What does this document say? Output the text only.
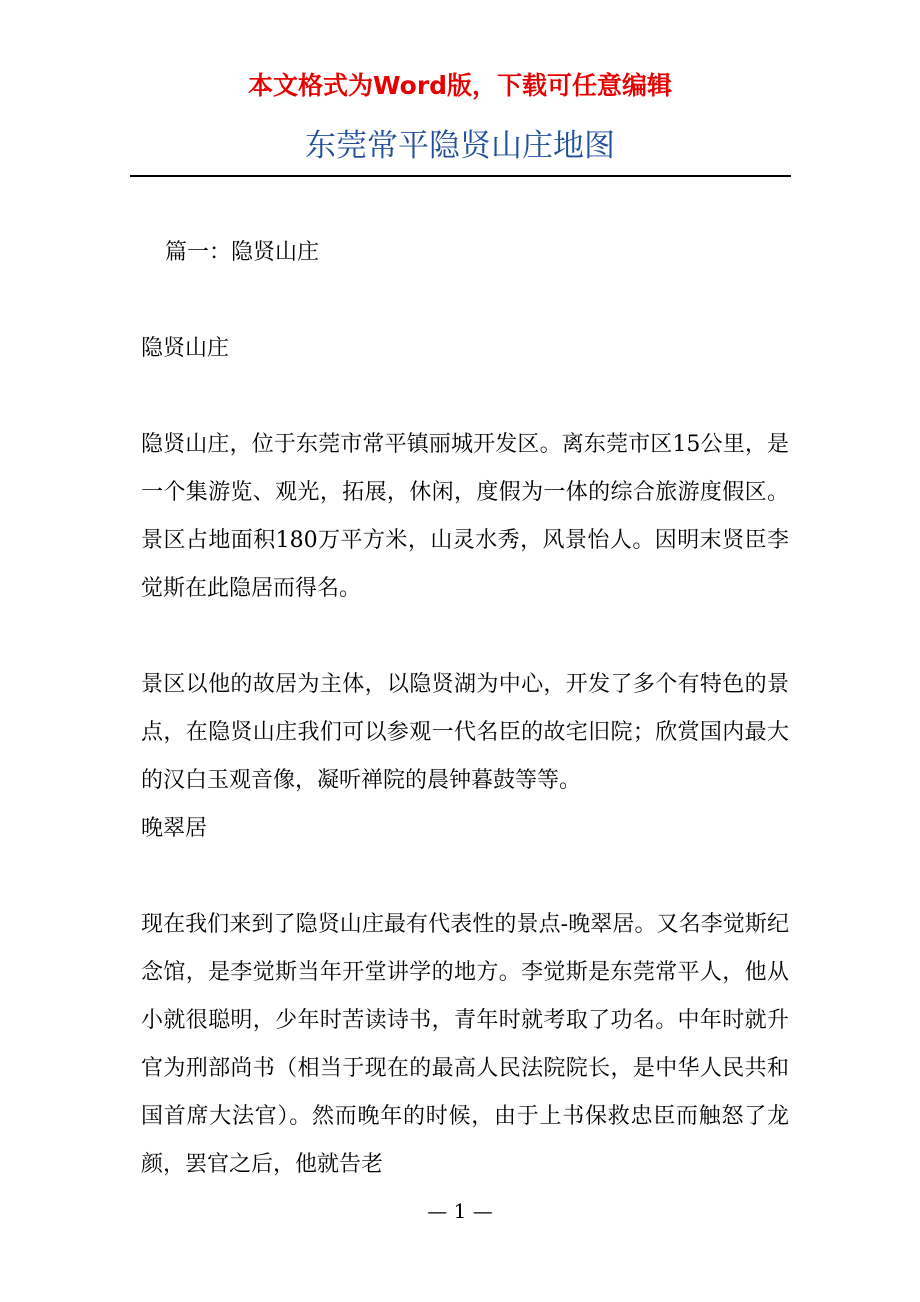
本文格式为Word版，下载可任意编辑
东莞常平隐贤山庄地图

篇一：隐贤山庄

隐贤山庄

隐贤山庄，位于东莞市常平镇丽城开发区。离东莞市区15公里，是一个集游览、观光，拓展，休闲，度假为一体的综合旅游度假区。景区占地面积180万平方米，山灵水秀，风景怡人。因明末贤臣李觉斯在此隐居而得名。

景区以他的故居为主体，以隐贤湖为中心，开发了多个有特色的景点，在隐贤山庄我们可以参观一代名臣的故宅旧院；欣赏国内最大的汉白玉观音像，凝听禅院的晨钟暮鼓等等。

晚翠居

现在我们来到了隐贤山庄最有代表性的景点-晚翠居。又名李觉斯纪念馆，是李觉斯当年开堂讲学的地方。李觉斯是东莞常平人，他从小就很聪明，少年时苦读诗书，青年时就考取了功名。中年时就升官为刑部尚书（相当于现在的最高人民法院院长，是中华人民共和国首席大法官）。然而晚年的时候，由于上书保救忠臣而触怒了龙颜，罢官之后，他就告老

— 1 —
